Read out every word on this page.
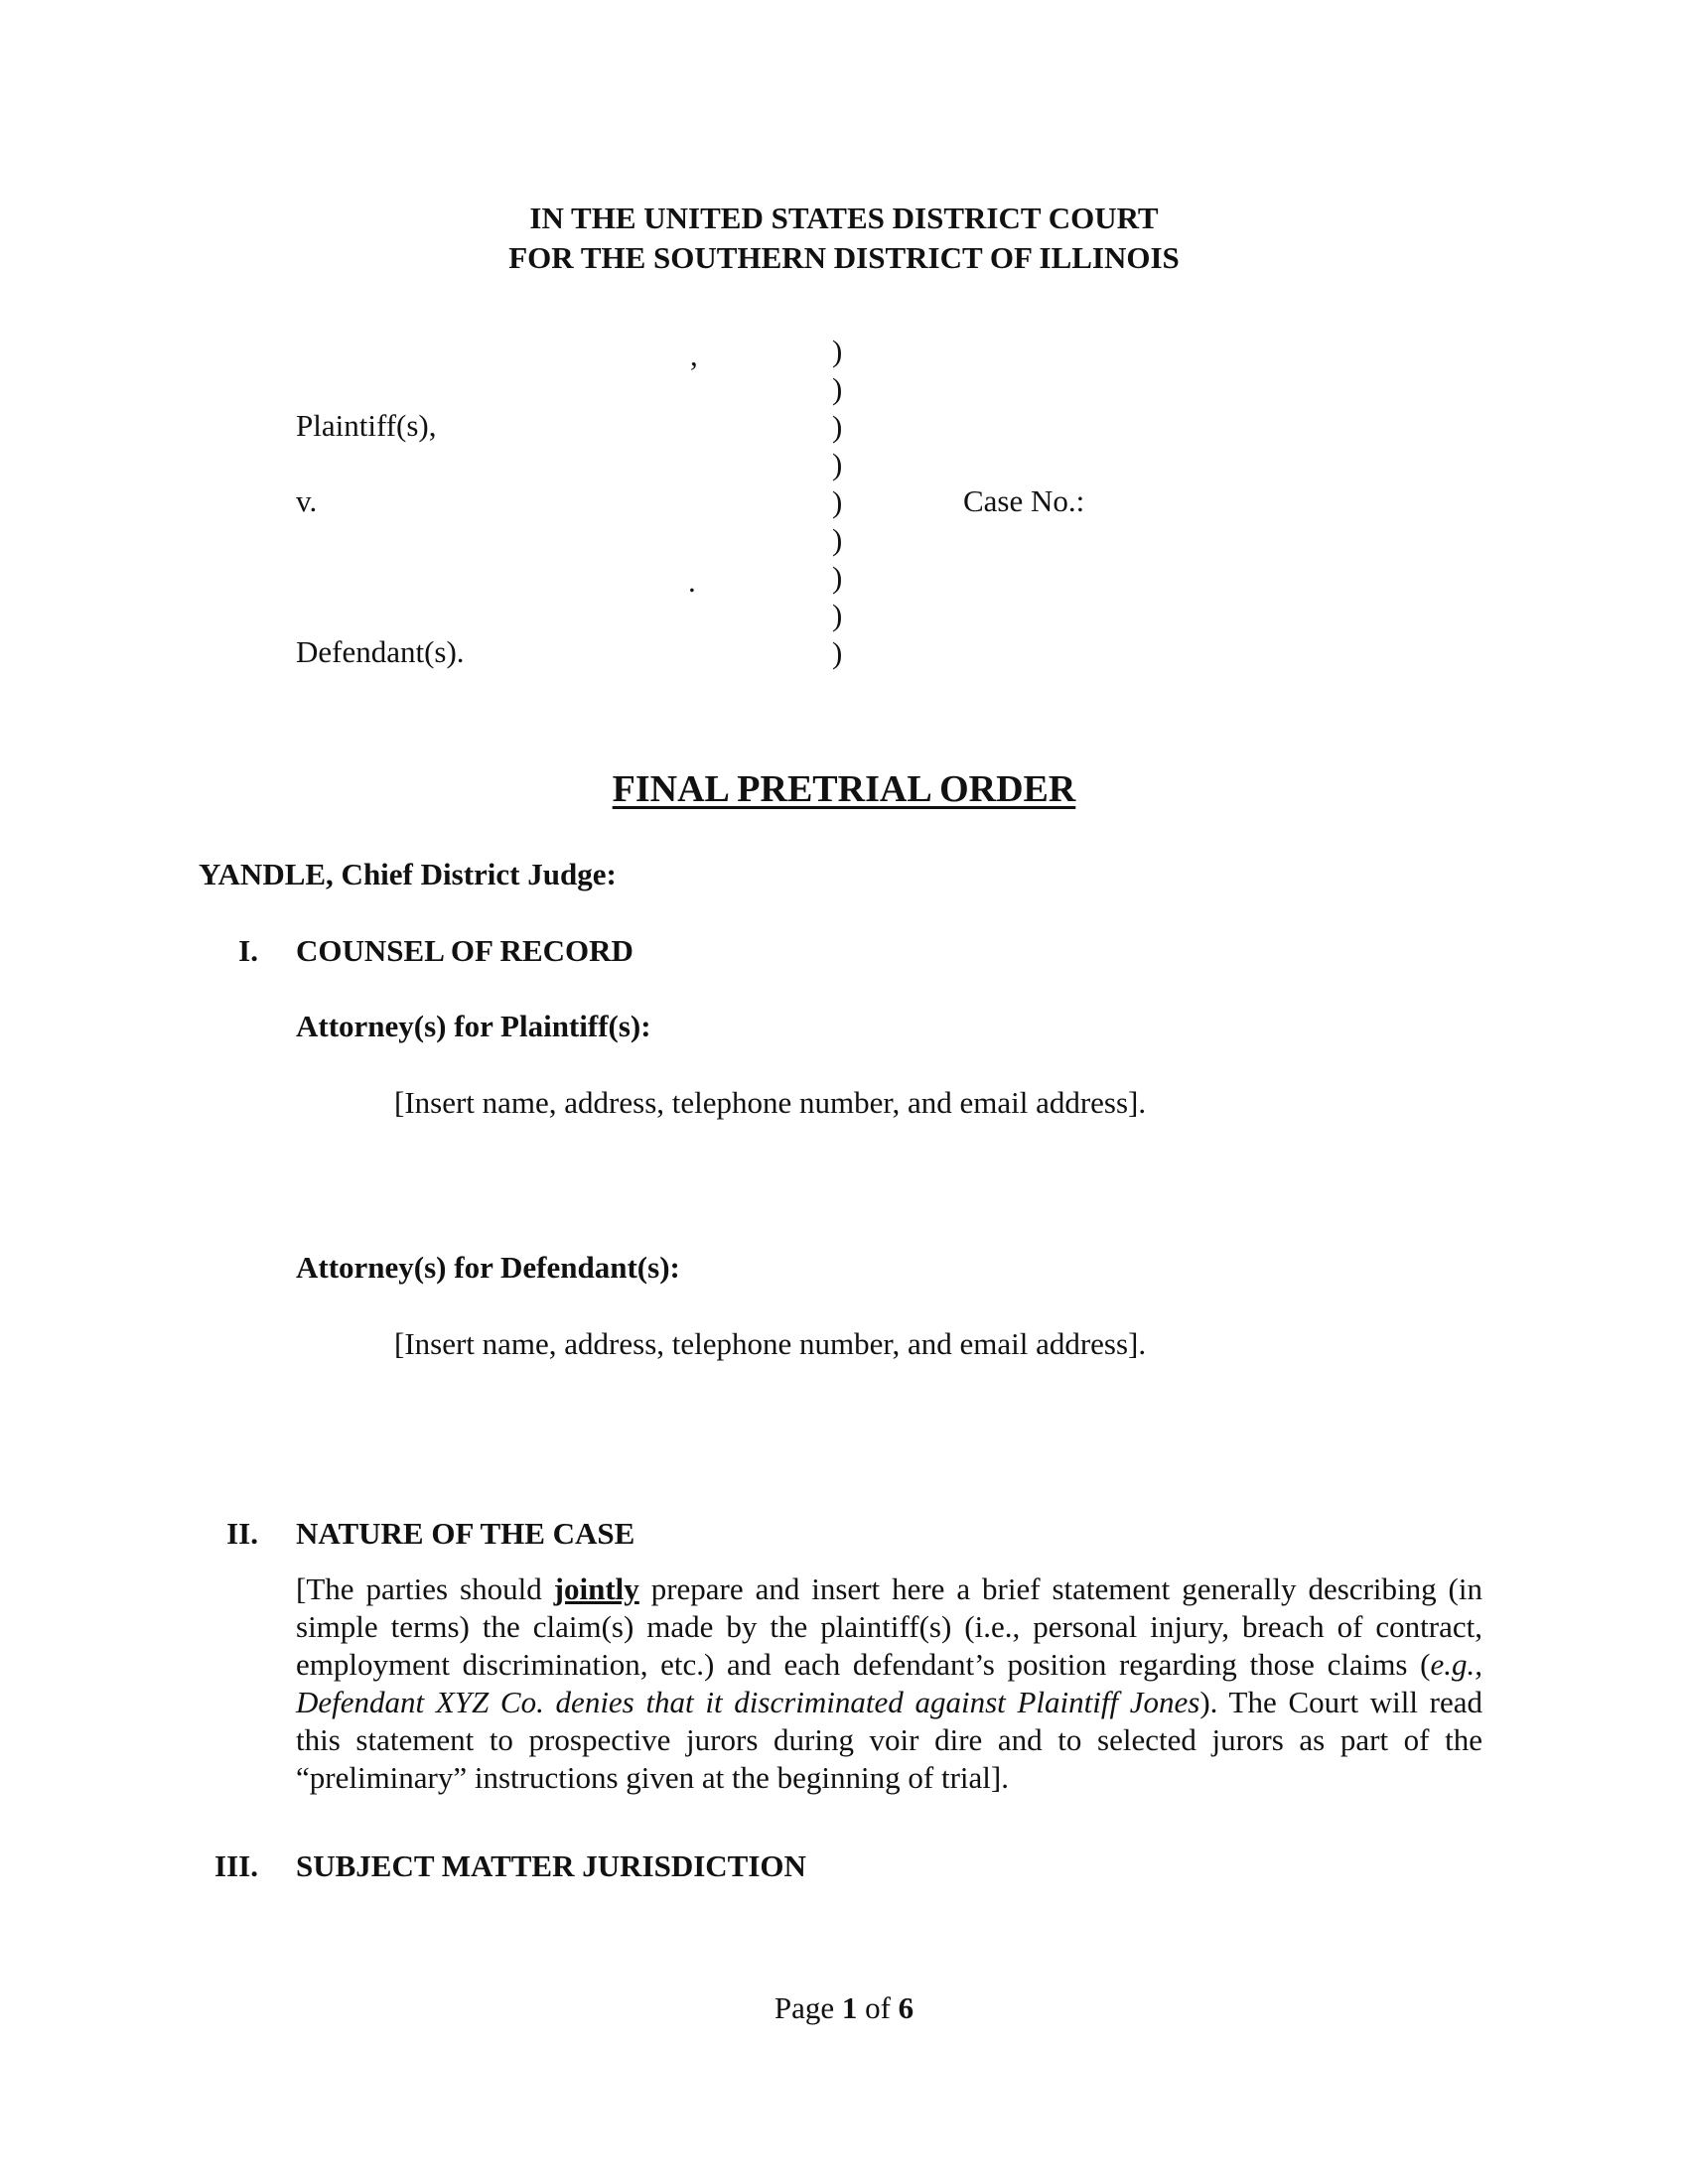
IN THE UNITED STATES DISTRICT COURT
FOR THE SOUTHERN DISTRICT OF ILLINOIS
,
Plaintiff(s),
v.
.
Defendant(s).
Case No.:
)
)
)
)
)
)
)
)
)
FINAL PRETRIAL ORDER
YANDLE, Chief District Judge:
I. COUNSEL OF RECORD
Attorney(s) for Plaintiff(s):
[Insert name, address, telephone number, and email address].
Attorney(s) for Defendant(s):
[Insert name, address, telephone number, and email address].
II. NATURE OF THE CASE

[The parties should jointly prepare and insert here a brief statement generally describing (in simple terms) the claim(s) made by the plaintiff(s) (i.e., personal injury, breach of contract, employment discrimination, etc.) and each defendant’s position regarding those claims (e.g., Defendant XYZ Co. denies that it discriminated against Plaintiff Jones). The Court will read this statement to prospective jurors during voir dire and to selected jurors as part of the “preliminary” instructions given at the beginning of trial].

III. SUBJECT MATTER JURISDICTION
Page 1 of 6
